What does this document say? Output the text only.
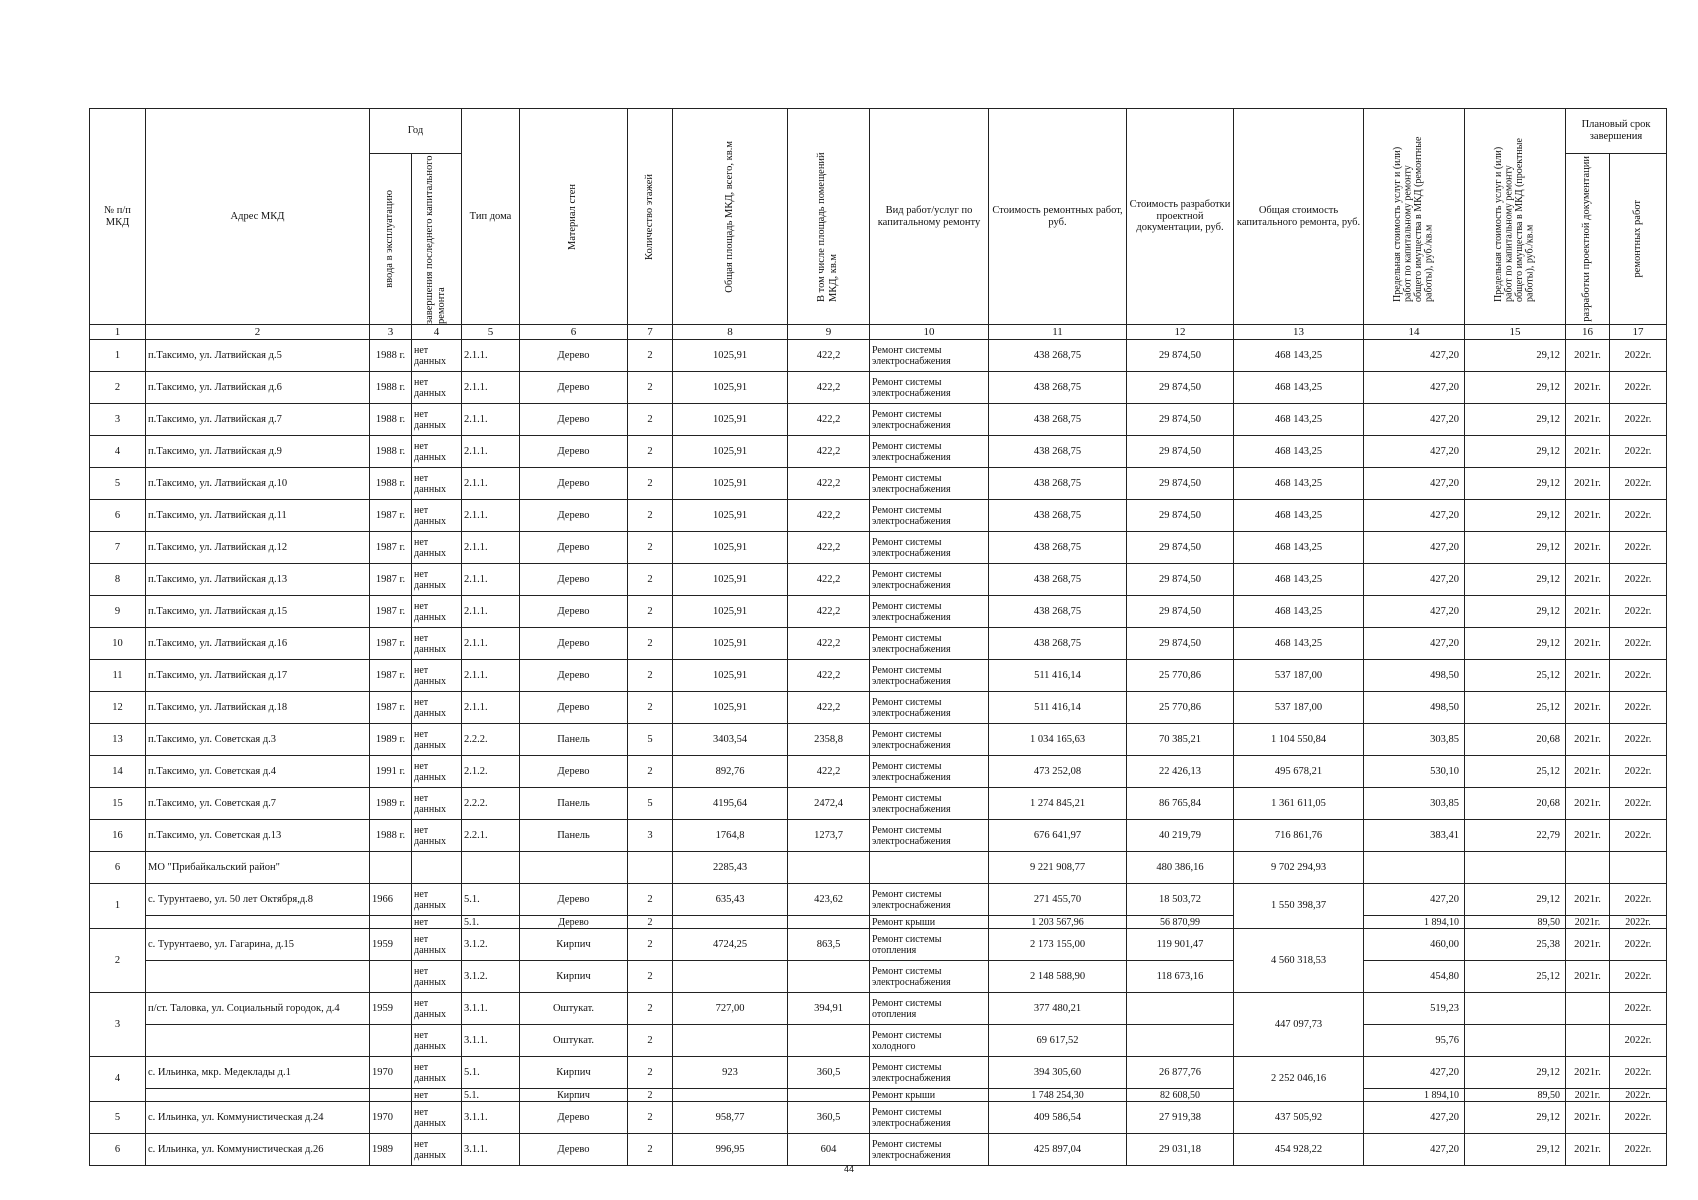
№ п/п МКД	Адрес МКД	Год		Тип дома	Материал стен	Количество этажей	Общая площадь МКД, всего, кв.м	В том числе площадь помещений МКД, кв.м	Вид работ/услуг по капитальному ремонту	Стоимость ремонтных работ, руб.	Стоимость разработки проектной документации, руб.	Общая стоимость капитального ремонта, руб.	Предельная стоимость услуг и (или) работ по капитальному ремонту общего имущества в МКД (ремонтные работы), руб./кв.м	Предельная стоимость услуг и (или) работ по капитальному ремонту общего имущества в МКД (проектные работы), руб./кв.м	Плановый срок завершения	

		ввода в эксплуатацию	завершения последнего капитального ремонта												разработки проектной документации	ремонтных работ

1	2	3	4	5	6	7	8	9	10	11	12	13	14	15	16	17
1	п.Таксимо, ул. Латвийская д.5	1988 г.	нет данных	2.1.1.	Дерево	2	1025,91	422,2	Ремонт системы электроснабжения	438 268,75	29 874,50	468 143,25	427,20	29,12	2021г.	2022г.
2	п.Таксимо, ул. Латвийская д.6	1988 г.	нет данных	2.1.1.	Дерево	2	1025,91	422,2	Ремонт системы электроснабжения	438 268,75	29 874,50	468 143,25	427,20	29,12	2021г.	2022г.
3	п.Таксимо, ул. Латвийская д.7	1988 г.	нет данных	2.1.1.	Дерево	2	1025,91	422,2	Ремонт системы электроснабжения	438 268,75	29 874,50	468 143,25	427,20	29,12	2021г.	2022г.
4	п.Таксимо, ул. Латвийская д.9	1988 г.	нет данных	2.1.1.	Дерево	2	1025,91	422,2	Ремонт системы электроснабжения	438 268,75	29 874,50	468 143,25	427,20	29,12	2021г.	2022г.
5	п.Таксимо, ул. Латвийская д.10	1988 г.	нет данных	2.1.1.	Дерево	2	1025,91	422,2	Ремонт системы электроснабжения	438 268,75	29 874,50	468 143,25	427,20	29,12	2021г.	2022г.
6	п.Таксимо, ул. Латвийская д.11	1987 г.	нет данных	2.1.1.	Дерево	2	1025,91	422,2	Ремонт системы электроснабжения	438 268,75	29 874,50	468 143,25	427,20	29,12	2021г.	2022г.
7	п.Таксимо, ул. Латвийская д.12	1987 г.	нет данных	2.1.1.	Дерево	2	1025,91	422,2	Ремонт системы электроснабжения	438 268,75	29 874,50	468 143,25	427,20	29,12	2021г.	2022г.
8	п.Таксимо, ул. Латвийская д.13	1987 г.	нет данных	2.1.1.	Дерево	2	1025,91	422,2	Ремонт системы электроснабжения	438 268,75	29 874,50	468 143,25	427,20	29,12	2021г.	2022г.
9	п.Таксимо, ул. Латвийская д.15	1987 г.	нет данных	2.1.1.	Дерево	2	1025,91	422,2	Ремонт системы электроснабжения	438 268,75	29 874,50	468 143,25	427,20	29,12	2021г.	2022г.
10	п.Таксимо, ул. Латвийская д.16	1987 г.	нет данных	2.1.1.	Дерево	2	1025,91	422,2	Ремонт системы электроснабжения	438 268,75	29 874,50	468 143,25	427,20	29,12	2021г.	2022г.
11	п.Таксимо, ул. Латвийская д.17	1987 г.	нет данных	2.1.1.	Дерево	2	1025,91	422,2	Ремонт системы электроснабжения	511 416,14	25 770,86	537 187,00	498,50	25,12	2021г.	2022г.
12	п.Таксимо, ул. Латвийская д.18	1987 г.	нет данных	2.1.1.	Дерево	2	1025,91	422,2	Ремонт системы электроснабжения	511 416,14	25 770,86	537 187,00	498,50	25,12	2021г.	2022г.
13	п.Таксимо, ул. Советская д.3	1989 г.	нет данных	2.2.2.	Панель	5	3403,54	2358,8	Ремонт системы электроснабжения	1 034 165,63	70 385,21	1 104 550,84	303,85	20,68	2021г.	2022г.
14	п.Таксимо, ул. Советская д.4	1991 г.	нет данных	2.1.2.	Дерево	2	892,76	422,2	Ремонт системы электроснабжения	473 252,08	22 426,13	495 678,21	530,10	25,12	2021г.	2022г.
15	п.Таксимо, ул. Советская д.7	1989 г.	нет данных	2.2.2.	Панель	5	4195,64	2472,4	Ремонт системы электроснабжения	1 274 845,21	86 765,84	1 361 611,05	303,85	20,68	2021г.	2022г.
16	п.Таксимо, ул. Советская д.13	1988 г.	нет данных	2.2.1.	Панель	3	1764,8	1273,7	Ремонт системы электроснабжения	676 641,97	40 219,79	716 861,76	383,41	22,79	2021г.	2022г.
6	МО "Прибайкальский район"						2285,43			9 221 908,77	480 386,16	9 702 294,93				
1	с. Турунтаево, ул. 50 лет Октября,д.8	1966	нет данных	5.1.	Дерево	2	635,43	423,62	Ремонт системы электроснабжения	271 455,70	18 503,72	1 550 398,37	427,20	29,12	2021г.	2022г.
			нет	5.1.	Дерево	2			Ремонт крыши	1 203 567,96	56 870,99		1 894,10	89,50	2021г.	2022г.
2	с. Турунтаево, ул. Гагарина, д.15	1959	нет данных	3.1.2.	Кирпич	2	4724,25	863,5	Ремонт системы отопления	2 173 155,00	119 901,47	4 560 318,53	460,00	25,38	2021г.	2022г.
			нет данных	3.1.2.	Кирпич	2			Ремонт системы электроснабжения	2 148 588,90	118 673,16		454,80	25,12	2021г.	2022г.
3	п/ст. Таловка, ул. Социальный городок, д.4	1959	нет данных	3.1.1.	Оштукат.	2	727,00	394,91	Ремонт системы отопления	377 480,21		447 097,73	519,23			2022г.
			нет данных	3.1.1.	Оштукат.	2			Ремонт системы холодного	69 617,52			95,76			2022г.
4	с. Ильинка, мкр. Медеклады д.1	1970	нет данных	5.1.	Кирпич	2	923	360,5	Ремонт системы электроснабжения	394 305,60	26 877,76	2 252 046,16	427,20	29,12	2021г.	2022г.
			нет	5.1.	Кирпич	2			Ремонт крыши	1 748 254,30	82 608,50		1 894,10	89,50	2021г.	2022г.
5	с. Ильинка, ул. Коммунистическая д.24	1970	нет данных	3.1.1.	Дерево	2	958,77	360,5	Ремонт системы электроснабжения	409 586,54	27 919,38	437 505,92	427,20	29,12	2021г.	2022г.
6	с. Ильинка, ул. Коммунистическая д.26	1989	нет данных	3.1.1.	Дерево	2	996,95	604	Ремонт системы электроснабжения	425 897,04	29 031,18	454 928,22	427,20	29,12	2021г.	2022г.
44
